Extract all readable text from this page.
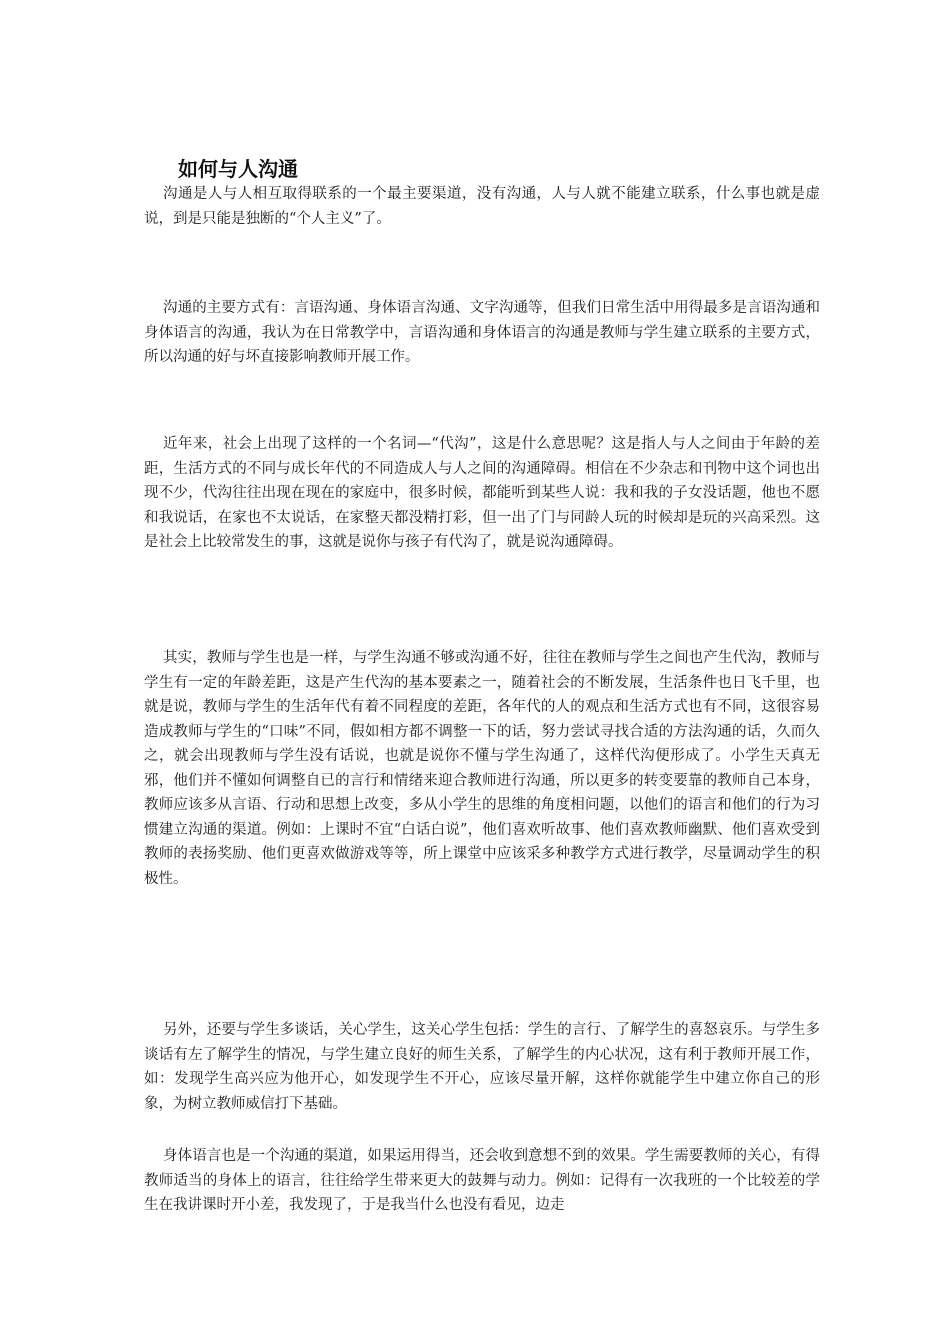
如何与人沟通

沟通是人与人相互取得联系的一个最主要渠道，没有沟通，人与人就不能建立联系，什么事也就是虚说，到是只能是独断的“个人主义”了。

沟通的主要方式有：言语沟通、身体语言沟通、文字沟通等，但我们日常生活中用得最多是言语沟通和身体语言的沟通，我认为在日常教学中，言语沟通和身体语言的沟通是教师与学生建立联系的主要方式，所以沟通的好与坏直接影响教师开展工作。

近年来，社会上出现了这样的一个名词—“代沟”，这是什么意思呢？这是指人与人之间由于年龄的差距，生活方式的不同与成长年代的不同造成人与人之间的沟通障碍。相信在不少杂志和刊物中这个词也出现不少，代沟往往出现在现在的家庭中，很多时候，都能听到某些人说：我和我的子女没话题，他也不愿和我说话，在家也不太说话，在家整天都没精打彩，但一出了门与同龄人玩的时候却是玩的兴高采烈。这是社会上比较常发生的事，这就是说你与孩子有代沟了，就是说沟通障碍。

其实，教师与学生也是一样，与学生沟通不够或沟通不好，往往在教师与学生之间也产生代沟，教师与学生有一定的年龄差距，这是产生代沟的基本要素之一，随着社会的不断发展，生活条件也日飞千里，也就是说，教师与学生的生活年代有着不同程度的差距，各年代的人的观点和生活方式也有不同，这很容易造成教师与学生的“口味”不同，假如相方都不调整一下的话，努力尝试寻找合适的方法沟通的话，久而久之，就会出现教师与学生没有话说，也就是说你不懂与学生沟通了，这样代沟便形成了。小学生天真无邪，他们并不懂如何调整自已的言行和情绪来迎合教师进行沟通，所以更多的转变要靠的教师自己本身，教师应该多从言语、行动和思想上改变，多从小学生的思维的角度相问题，以他们的语言和他们的行为习惯建立沟通的渠道。例如：上课时不宜“白话白说”，他们喜欢听故事、他们喜欢教师幽默、他们喜欢受到教师的表扬奖励、他们更喜欢做游戏等等，所上课堂中应该采多种教学方式进行教学，尽量调动学生的积极性。

另外，还要与学生多谈话，关心学生，这关心学生包括：学生的言行、了解学生的喜怒哀乐。与学生多谈话有左了解学生的情况，与学生建立良好的师生关系，了解学生的内心状况，这有利于教师开展工作，如：发现学生高兴应为他开心，如发现学生不开心，应该尽量开解，这样你就能学生中建立你自己的形象，为树立教师威信打下基础。

身体语言也是一个沟通的渠道，如果运用得当，还会收到意想不到的效果。学生需要教师的关心，有得教师适当的身体上的语言，往往给学生带来更大的鼓舞与动力。例如：记得有一次我班的一个比较差的学生在我讲课时开小差，我发现了，于是我当什么也没有看见，边走
